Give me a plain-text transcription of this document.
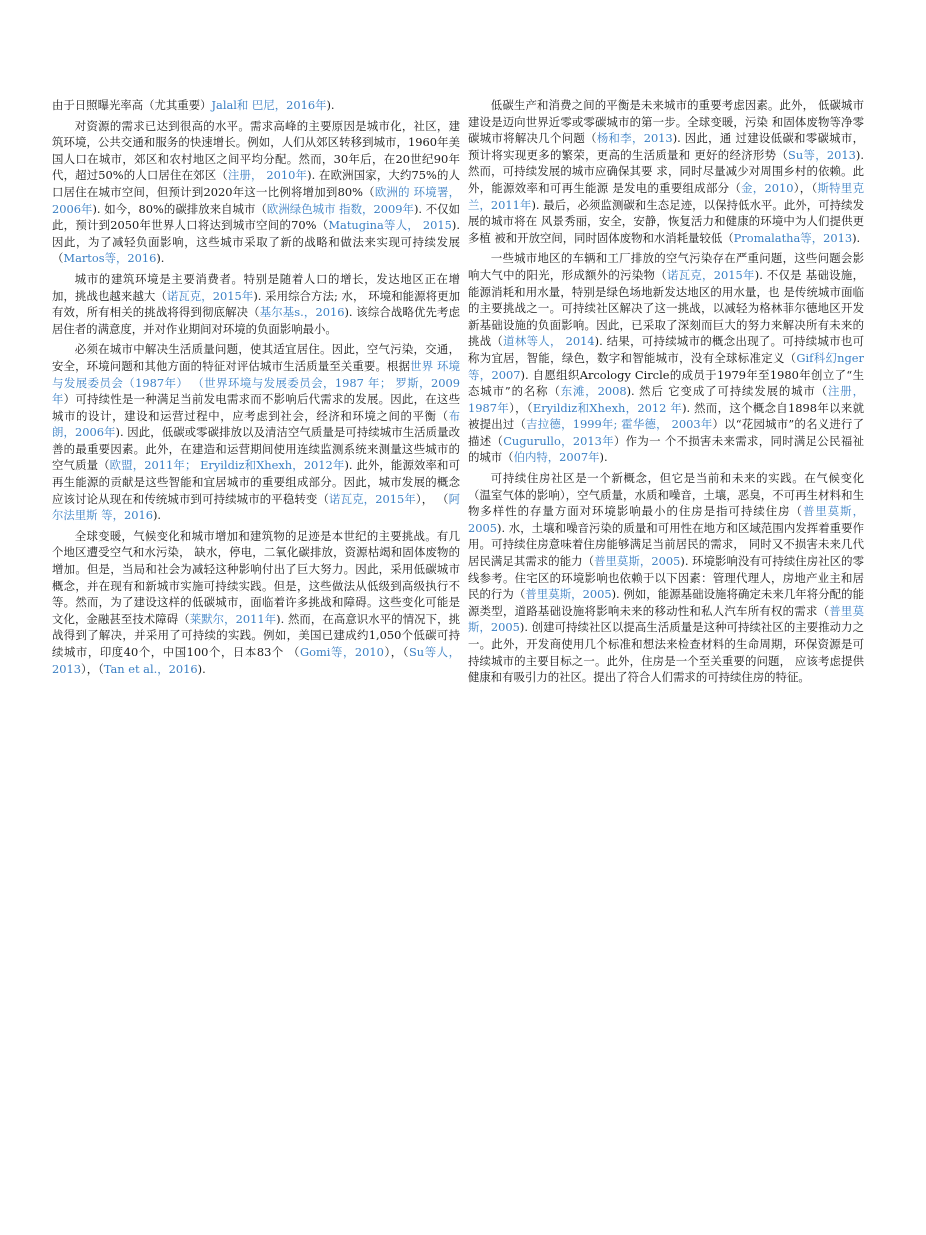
由于日照曝光率高（尤其重要）Jalal和 巴尼，2016年).

对资源的需求已达到很高的水平。需求高峰的主要原因是城市化，社区，建筑环境，公共交通和服务的快速增长。例如，人们从郊区转移到城市，1960年美国人口在城市，郊区和农村地区之间平均分配。然而，30年后，在20世纪90年代，超过50%的人口居住在郊区（注册， 2010年). 在欧洲国家，大约75%的人口居住在城市空间，但预计到2020年这一比例将增加到80%（欧洲的 环境署，2006年). 如今，80%的碳排放来自城市（欧洲绿色城市 指数，2009年). 不仅如此，预计到2050年世界人口将达到城市空间的70%（Matugina等人， 2015). 因此，为了减轻负面影响，这些城市采取了新的战略和做法来实现可持续发展（Martos等，2016).

城市的建筑环境是主要消费者。特别是随着人口的增长，发达地区正在增加，挑战也越来越大（诺瓦克，2015年). 采用综合方法; 水， 环境和能源将更加有效，所有相关的挑战将得到彻底解决（基尔基s.，2016). 该综合战略优先考虑居住者的满意度，并对作业期间对环境的负面影响最小。

必须在城市中解决生活质量问题，使其适宜居住。因此，空气污染，交通，安全，环境问题和其他方面的特征对评估城市生活质量至关重要。根据世界 环境与发展委员会（1987年） （世界环境与发展委员会，1987 年； 罗斯，2009年）可持续性是一种满足当前发电需求而不影响后代需求的发展。因此，在这些城市的设计，建设和运营过程中，应考虑到社会，经济和环境之间的平衡（布朗，2006年). 因此，低碳或零碳排放以及清洁空气质量是可持续城市生活质量改善的最重要因素。此外，在建造和运营期间使用连续监测系统来测量这些城市的空气质量（欧盟，2011年； Eryildiz和Xhexh，2012年). 此外，能源效率和可再生能源的贡献是这些智能和宜居城市的重要组成部分。因此，城市发展的概念应该讨论从现在和传统城市到可持续城市的平稳转变（诺瓦克，2015年）， （阿尔法里斯 等，2016).

全球变暖，气候变化和城市增加和建筑物的足迹是本世纪的主要挑战。有几个地区遭受空气和水污染， 缺水，停电，二氧化碳排放，资源枯竭和固体废物的增加。但是，当局和社会为减轻这种影响付出了巨大努力。因此，采用低碳城市概念，并在现有和新城市实施可持续实践。但是，这些做法从低级到高级执行不等。然而，为了建设这样的低碳城市，面临着许多挑战和障碍。这些变化可能是文化，金融甚至技术障碍（莱默尔，2011年). 然而，在高意识水平的情况下，挑战得到了解决，并采用了可持续的实践。例如，美国已建成约1,050个低碳可持续城市，印度40个，中国100个，日本83个 （Gomi等，2010），（Su等人， 2013），（Tan et al.，2016).

低碳生产和消费之间的平衡是未来城市的重要考虑因素。此外， 低碳城市建设是迈向世界近零或零碳城市的第一步。全球变暖，污染 和固体废物等净零碳城市将解决几个问题（杨和李，2013). 因此，通 过建设低碳和零碳城市，预计将实现更多的繁荣，更高的生活质量和 更好的经济形势（Su等，2013). 然而，可持续发展的城市应确保其要 求，同时尽量减少对周围乡村的依赖。此外，能源效率和可再生能源 是发电的重要组成部分（金，2010），（斯特里克兰，2011年). 最后，必须监测碳和生态足迹，以保持低水平。此外，可持续发展的城市将在 风景秀丽，安全，安静，恢复活力和健康的环境中为人们提供更多植 被和开放空间，同时固体废物和水消耗量较低（Promalatha等，2013).

一些城市地区的车辆和工厂排放的空气污染存在严重问题，这些问题会影响大气中的阳光，形成额外的污染物（诺瓦克，2015年). 不仅是 基础设施，能源消耗和用水量，特别是绿色场地新发达地区的用水量，也 是传统城市面临的主要挑战之一。可持续社区解决了这一挑战，以减轻为格林菲尔德地区开发新基础设施的负面影响。因此，已采取了深刻而巨大的努力来解决所有未来的挑战（道林等人， 2014). 结果，可持续城市的概念出现了。可持续城市也可称为宜居，智能，绿色，数字和智能城市，没有全球标准定义（Gif科幻nger等，2007). 自愿组织Arcology Circle的成员于1979年至1980年创立了“生态城市”的名称（东滩，2008). 然后 它变成了可持续发展的城市（注册，1987年），（Eryildiz和Xhexh，2012 年). 然而，这个概念自1898年以来就被提出过（吉拉德，1999年; 霍华德， 2003年）以“花园城市”的名义进行了描述（Cugurullo，2013年）作为一 个不损害未来需求，同时满足公民福祉的城市（伯内特，2007年).

可持续住房社区是一个新概念，但它是当前和未来的实践。在气候变化（温室气体的影响），空气质量，水质和噪音，土壤，恶臭，不可再生材料和生物多样性的存量方面对环境影响最小的住房是指可持续住房（普里莫斯，2005). 水，土壤和噪音污染的质量和可用性在地方和区域范围内发挥着重要作用。可持续住房意味着住房能够满足当前居民的需求， 同时又不损害未来几代居民满足其需求的能力（普里莫斯，2005). 环境影响没有可持续住房社区的零线参考。住宅区的环境影响也依赖于以下因素：管理代理人，房地产业主和居民的行为（普里莫斯，2005). 例如，能源基础设施将确定未来几年将分配的能源类型，道路基础设施将影响未来的移动性和私人汽车所有权的需求（普里莫斯，2005). 创建可持续社区以提高生活质量是这种可持续社区的主要推动力之一。此外，开发商使用几个标准和想法来检查材料的生命周期，环保资源是可持续城市的主要目标之一。此外，住房是一个至关重要的问题， 应该考虑提供健康和有吸引力的社区。提出了符合人们需求的可持续住房的特征。
